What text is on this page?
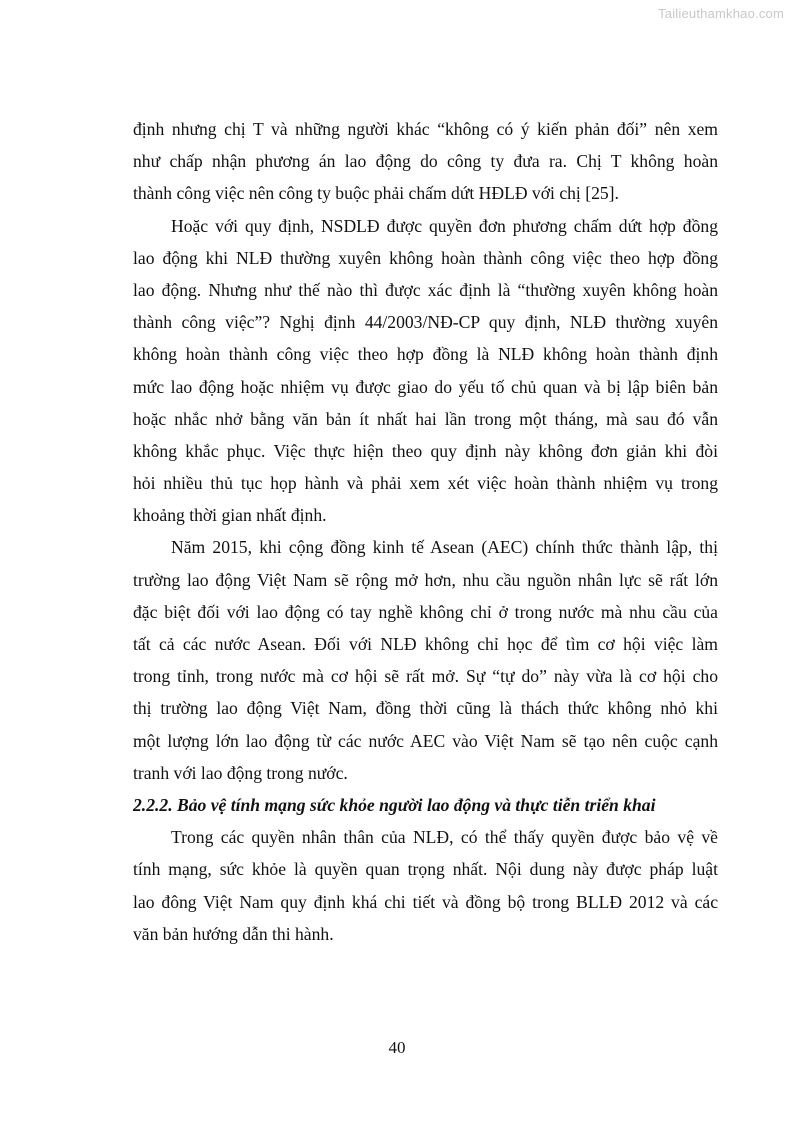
Tailieuthamkhao.com
định nhưng chị T và những người khác “không có ý kiến phản đối” nên xem
như chấp nhận phương án lao động do công ty đưa ra. Chị T không hoàn
thành công việc nên công ty buộc phải chấm dứt HĐLĐ với chị [25].
Hoặc với quy định, NSDLĐ được quyền đơn phương chấm dứt hợp đồng
lao động khi NLĐ thường xuyên không hoàn thành công việc theo hợp đồng
lao động. Nhưng như thế nào thì được xác định là “thường xuyên không hoàn
thành công việc”? Nghị định 44/2003/NĐ-CP quy định, NLĐ thường xuyên
không hoàn thành công việc theo hợp đồng là NLĐ không hoàn thành định
mức lao động hoặc nhiệm vụ được giao do yếu tố chủ quan và bị lập biên bản
hoặc nhắc nhở bằng văn bản ít nhất hai lần trong một tháng, mà sau đó vẫn
không khắc phục. Việc thực hiện theo quy định này không đơn giản khi đòi
hỏi nhiều thủ tục họp hành và phải xem xét việc hoàn thành nhiệm vụ trong
khoảng thời gian nhất định.
Năm 2015, khi cộng đồng kinh tế Asean (AEC) chính thức thành lập, thị
trường lao động Việt Nam sẽ rộng mở hơn, nhu cầu nguồn nhân lực sẽ rất lớn
đặc biệt đối với lao động có tay nghề không chỉ ở trong nước mà nhu cầu của
tất cả các nước Asean. Đối với NLĐ không chỉ học để tìm cơ hội việc làm
trong tỉnh, trong nước mà cơ hội sẽ rất mở. Sự “tự do” này vừa là cơ hội cho
thị trường lao động Việt Nam, đồng thời cũng là thách thức không nhỏ khi
một lượng lớn lao động từ các nước AEC vào Việt Nam sẽ tạo nên cuộc cạnh
tranh với lao động trong nước.
2.2.2. Bảo vệ tính mạng sức khỏe người lao động và thực tiễn triển khai
Trong các quyền nhân thân của NLĐ, có thể thấy quyền được bảo vệ về
tính mạng, sức khỏe là quyền quan trọng nhất. Nội dung này được pháp luật
lao đông Việt Nam quy định khá chi tiết và đồng bộ trong BLLĐ 2012 và các
văn bản hướng dẫn thi hành.
40
